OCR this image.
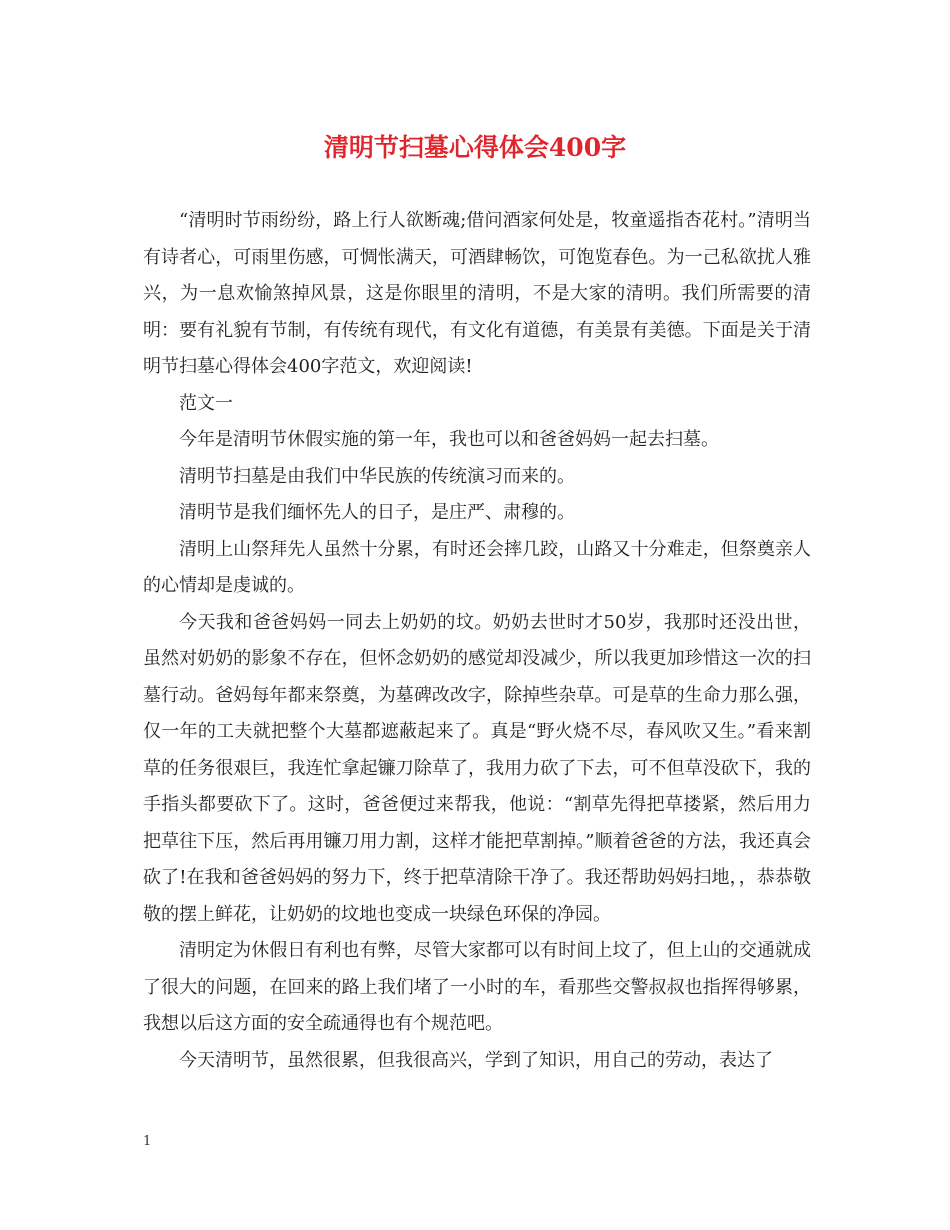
清明节扫墓心得体会400字

“清明时节雨纷纷，路上行人欲断魂;借问酒家何处是，牧童遥指杏花村。”清明当有诗者心，可雨里伤感，可惆怅满天，可酒肆畅饮，可饱览春色。为一己私欲扰人雅兴，为一息欢愉煞掉风景，这是你眼里的清明，不是大家的清明。我们所需要的清明：要有礼貌有节制，有传统有现代，有文化有道德，有美景有美德。下面是关于清明节扫墓心得体会400字范文，欢迎阅读!

范文一

今年是清明节休假实施的第一年，我也可以和爸爸妈妈一起去扫墓。

清明节扫墓是由我们中华民族的传统演习而来的。

清明节是我们缅怀先人的日子，是庄严、肃穆的。

清明上山祭拜先人虽然十分累，有时还会摔几跤，山路又十分难走，但祭奠亲人的心情却是虔诚的。

今天我和爸爸妈妈一同去上奶奶的坟。奶奶去世时才50岁，我那时还没出世，虽然对奶奶的影象不存在，但怀念奶奶的感觉却没减少，所以我更加珍惜这一次的扫墓行动。爸妈每年都来祭奠，为墓碑改改字，除掉些杂草。可是草的生命力那么强，仅一年的工夫就把整个大墓都遮蔽起来了。真是“野火烧不尽，春风吹又生。”看来割草的任务很艰巨，我连忙拿起镰刀除草了，我用力砍了下去，可不但草没砍下，我的手指头都要砍下了。这时，爸爸便过来帮我，他说：“割草先得把草搂紧，然后用力把草往下压，然后再用镰刀用力割，这样才能把草割掉。”顺着爸爸的方法，我还真会砍了!在我和爸爸妈妈的努力下，终于把草清除干净了。我还帮助妈妈扫地，，恭恭敬敬的摆上鲜花，让奶奶的坟地也变成一块绿色环保的净园。

清明定为休假日有利也有弊，尽管大家都可以有时间上坟了，但上山的交通就成了很大的问题，在回来的路上我们堵了一小时的车，看那些交警叔叔也指挥得够累，我想以后这方面的安全疏通得也有个规范吧。

今天清明节，虽然很累，但我很高兴，学到了知识，用自己的劳动，表达了

1
